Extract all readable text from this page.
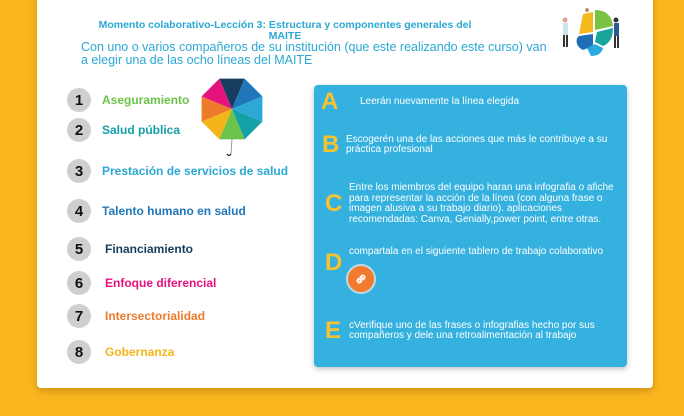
Momento colaborativo-Lección 3: Estructura y componentes generales del MAITE
Con uno o varios compañeros de su institución (que este realizando este curso) van a elegir una de las ocho líneas del MAITE
1	Aseguramiento
2	Salud pública
3	Prestación de servicios de salud
4	Talento humano en salud
5	Financiamiento
6	Enfoque diferencial
7	Intersectorialidad
8	Gobernanza
A	Leerán nuevamente la línea elegida
B Escogerén una de las acciones que más le contribuye a su práctica profesional
C
Entre los miembros del equipo haran una infografia o afiche para representar la acción de la línea (con alguna frase o imagen alusiva a su trabajo diario). aplicaciones recomendadas: Canva, Genially,power point, entre otras.
D compartala en el siguiente tablero de trabajo colaborativo
E cVerifique uno de las frases o infografias hecho por sus compañeros y dele una retroalimentación al trabajo
